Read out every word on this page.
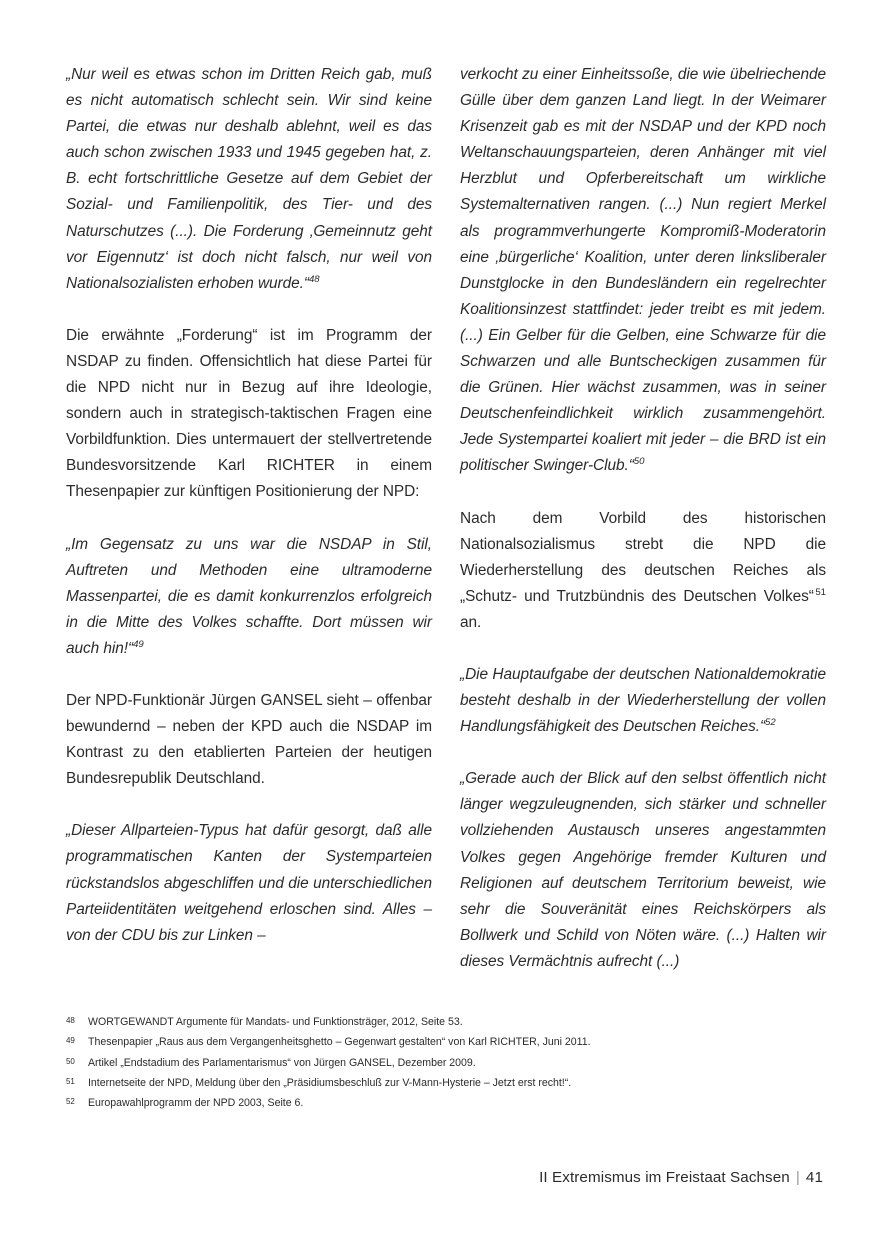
„Nur weil es etwas schon im Dritten Reich gab, muß es nicht automatisch schlecht sein. Wir sind keine Partei, die etwas nur deshalb ablehnt, weil es das auch schon zwischen 1933 und 1945 gegeben hat, z. B. echt fortschrittliche Gesetze auf dem Gebiet der Sozial- und Familienpolitik, des Tier- und des Naturschutzes (...). Die Forderung ‚Gemeinnutz geht vor Eigennutz‘ ist doch nicht falsch, nur weil von Nationalsozialisten erhoben wurde.“$^{48}$

Die erwähnte „Forderung“ ist im Programm der NSDAP zu finden. Offensichtlich hat diese Partei für die NPD nicht nur in Bezug auf ihre Ideologie, sondern auch in strategisch-taktischen Fragen eine Vorbildfunktion. Dies untermauert der stellvertretende Bundesvorsitzende Karl RICHTER in einem Thesenpapier zur künftigen Positionierung der NPD:

„Im Gegensatz zu uns war die NSDAP in Stil, Auftreten und Methoden eine ultramoderne Massenpartei, die es damit konkurrenzlos erfolgreich in die Mitte des Volkes schaffte. Dort müssen wir auch hin!“$^{49}$

Der NPD-Funktionär Jürgen GANSEL sieht – offenbar bewundernd – neben der KPD auch die NSDAP im Kontrast zu den etablierten Parteien der heutigen Bundesrepublik Deutschland.

„Dieser Allparteien-Typus hat dafür gesorgt, daß alle programmatischen Kanten der Systemparteien rückstandslos abgeschliffen und die unterschiedlichen Parteiidentitäten weitgehend erloschen sind. Alles – von der CDU bis zur Linken –

verkocht zu einer Einheitssoße, die wie übelriechende Gülle über dem ganzen Land liegt. In der Weimarer Krisenzeit gab es mit der NSDAP und der KPD noch Weltanschauungsparteien, deren Anhänger mit viel Herzblut und Opferbereitschaft um wirkliche Systemalternativen rangen. (...) Nun regiert Merkel als programmverhungerte Kompromiß-Moderatorin eine ‚bürgerliche‘ Koalition, unter deren linksliberaler Dunstglocke in den Bundesländern ein regelrechter Koalitionsinzest stattfindet: jeder treibt es mit jedem. (...) Ein Gelber für die Gelben, eine Schwarze für die Schwarzen und alle Buntscheckigen zusammen für die Grünen. Hier wächst zusammen, was in seiner Deutschenfeindlichkeit wirklich zusammengehört. Jede Systempartei koaliert mit jeder – die BRD ist ein politischer Swinger-Club.“$^{50}$

Nach dem Vorbild des historischen Nationalsozialismus strebt die NPD die Wiederherstellung des deutschen Reiches als „Schutz- und Trutzbündnis des Deutschen Volkes“ $^{51}$ an.

„Die Hauptaufgabe der deutschen Nationaldemokratie besteht deshalb in der Wiederherstellung der vollen Handlungsfähigkeit des Deutschen Reiches.“$^{52}$

„Gerade auch der Blick auf den selbst öffentlich nicht länger wegzuleugnenden, sich stärker und schneller vollziehenden Austausch unseres angestammten Volkes gegen Angehörige fremder Kulturen und Religionen auf deutschem Territorium beweist, wie sehr die Souveränität eines Reichskörpers als Bollwerk und Schild von Nöten wäre. (...) Halten wir dieses Vermächtnis aufrecht (...)

48	WORTGEWANDT Argumente für Mandats- und Funktionsträger, 2012, Seite 53.
49	Thesenpapier „Raus aus dem Vergangenheitsghetto – Gegenwart gestalten“ von Karl RICHTER, Juni 2011.
50	Artikel „Endstadium des Parlamentarismus“ von Jürgen GANSEL, Dezember 2009.
51	Internetseite der NPD, Meldung über den „Präsidiumsbeschluß zur V-Mann-Hysterie – Jetzt erst recht!“.
52	Europawahlprogramm der NPD 2003, Seite 6.
II Extremismus im Freistaat Sachsen | 41
